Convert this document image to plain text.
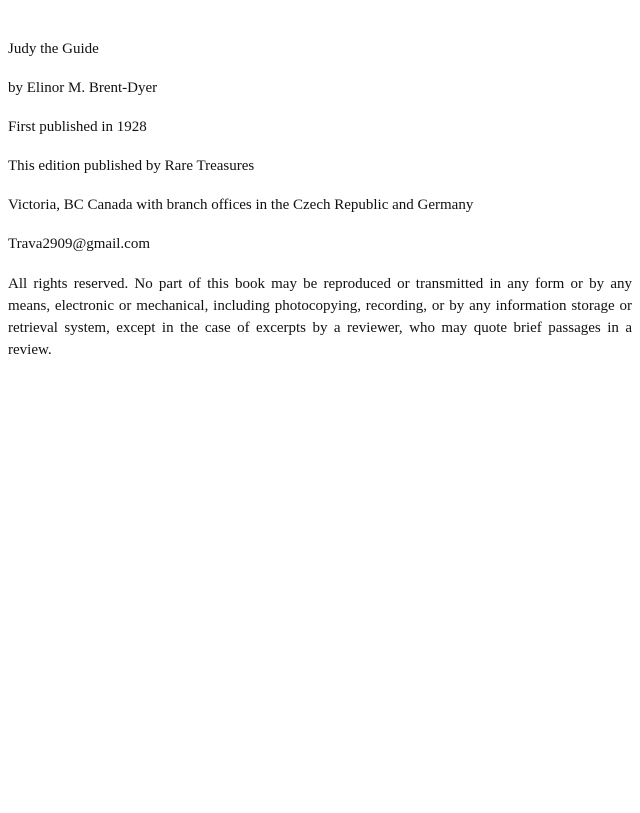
Judy the Guide

by Elinor M. Brent-Dyer

First published in 1928

This edition published by Rare Treasures

Victoria, BC Canada with branch offices in the Czech Republic and Germany

Trava2909@gmail.com

All rights reserved. No part of this book may be reproduced or transmitted in any form or by any means, electronic or mechanical, including photocopying, recording, or by any information storage or retrieval system, except in the case of excerpts by a reviewer, who may quote brief passages in a review.
